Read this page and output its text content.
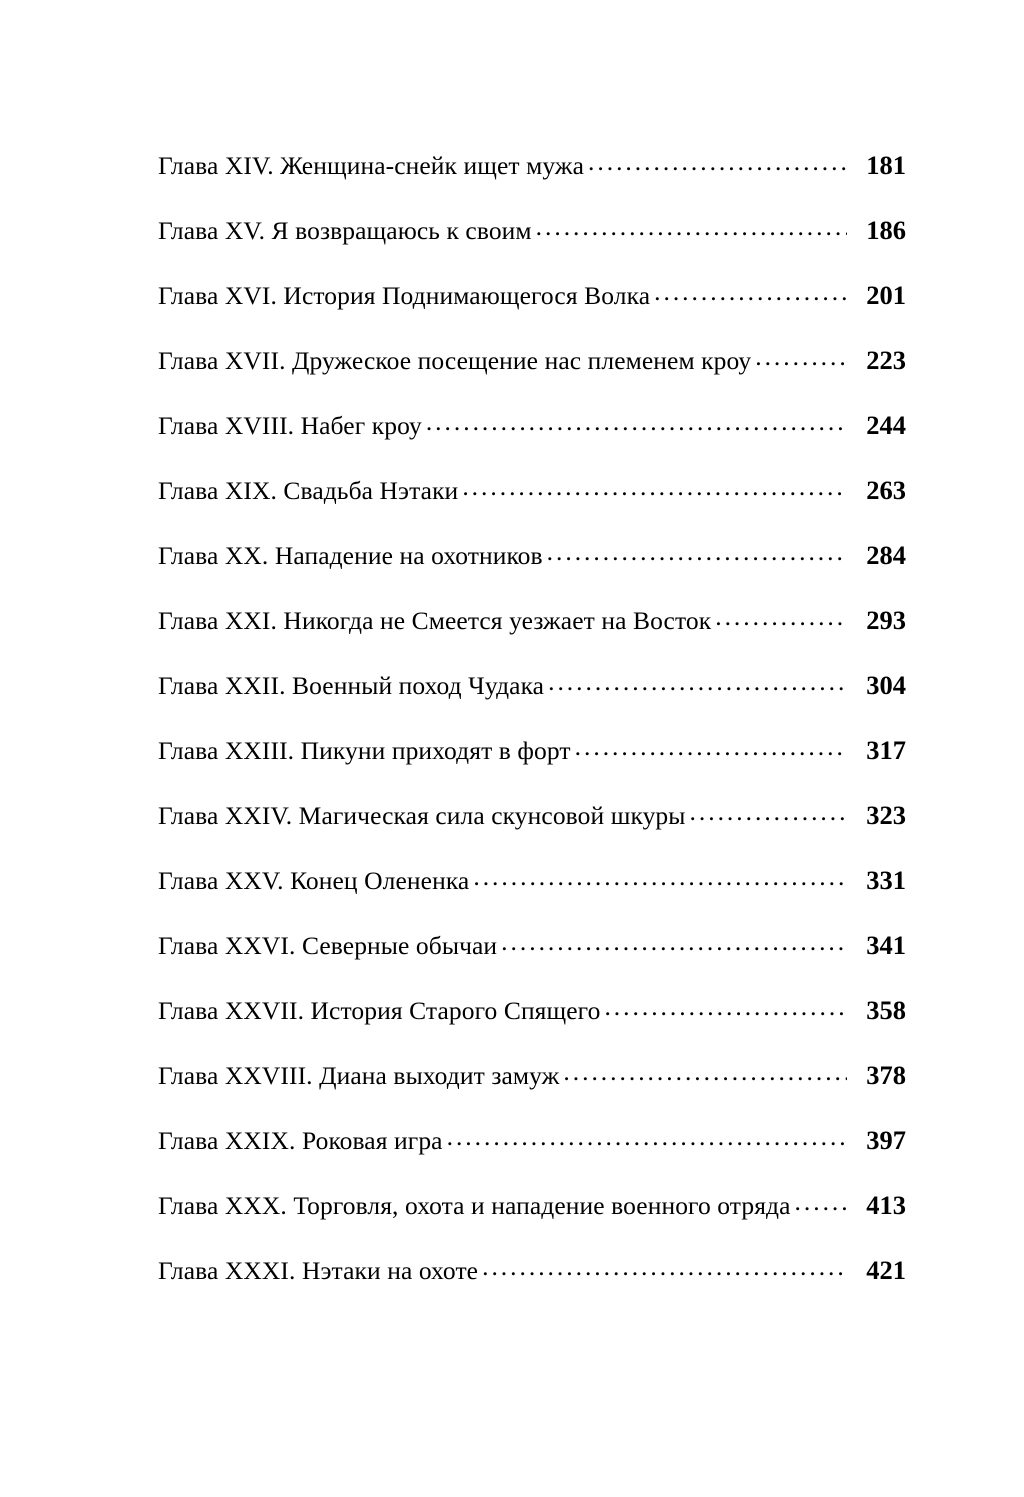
Глава XIV. Женщина-снейк ищет мужа . . .	181
Глава XV. Я возвращаюсь к своим . . .	186
Глава XVI. История Поднимающегося Волка . . .	201
Глава XVII. Дружеское посещение нас племенем кроу . . .	223
Глава XVIII. Набег кроу . . .	244
Глава XIX. Свадьба Нэтаки . . .	263
Глава XX. Нападение на охотников . . .	284
Глава XXI. Никогда не Смеется уезжает на Восток . . .	293
Глава XXII. Военный поход Чудака . . .	304
Глава XXIII. Пикуни приходят в форт . . .	317
Глава XXIV. Магическая сила скунсовой шкуры . . .	323
Глава XXV. Конец Олененка . . .	331
Глава XXVI. Северные обычаи . . .	341
Глава XXVII. История Старого Спящего . . .	358
Глава XXVIII. Диана выходит замуж . . .	378
Глава XXIX. Роковая игра . . .	397
Глава XXX. Торговля, охота и нападение военного отряда . . .	413
Глава XXXI. Нэтаки на охоте . . .	421
